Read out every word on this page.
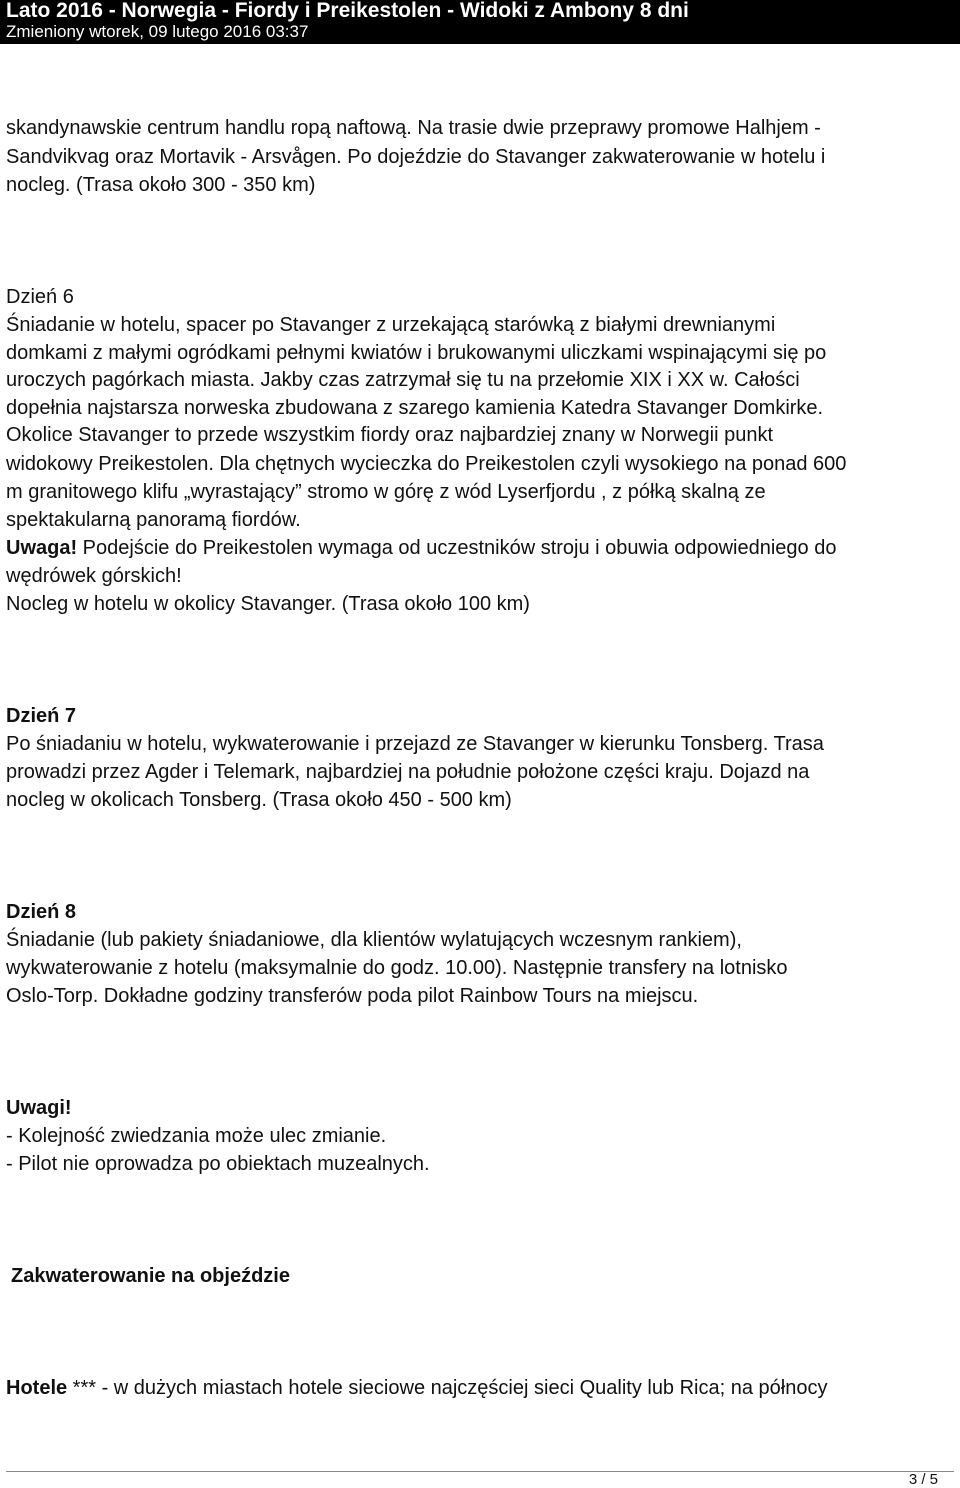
Lato 2016 - Norwegia - Fiordy i Preikestolen - Widoki z Ambony 8 dni
Zmieniony wtorek, 09 lutego 2016 03:37
skandynawskie centrum handlu ropą naftową. Na trasie dwie przeprawy promowe Halhjem -
Sandvikvag oraz Mortavik - Arsvågen. Po dojeździe do Stavanger zakwaterowanie w hotelu i
nocleg. (Trasa około 300 - 350 km)
Dzień 6
Śniadanie w hotelu, spacer po Stavanger z urzekającą starówką z białymi drewnianymi
domkami z małymi ogródkami pełnymi kwiatów i brukowanymi uliczkami wspinającymi się po
uroczych pagórkach miasta. Jakby czas zatrzymał się tu na przełomie XIX i XX w. Całości
dopełnia najstarsza norweska zbudowana z szarego kamienia Katedra Stavanger Domkirke.
Okolice Stavanger to przede wszystkim fiordy oraz najbardziej znany w Norwegii punkt
widokowy Preikestolen. Dla chętnych wycieczka do Preikestolen czyli wysokiego na ponad 600
m granitowego klifu „wyrastający” stromo w górę z wód Lyserfjordu , z półką skalną ze
spektakularną panoramą fiordów.
Uwaga! Podejście do Preikestolen wymaga od uczestników stroju i obuwia odpowiedniego do
wędrówek górskich!
Nocleg w hotelu w okolicy Stavanger. (Trasa około 100 km)
Dzień 7
Po śniadaniu w hotelu, wykwaterowanie i przejazd ze Stavanger w kierunku Tonsberg. Trasa
prowadzi przez Agder i Telemark, najbardziej na południe położone części kraju. Dojazd na
nocleg w okolicach Tonsberg. (Trasa około 450 - 500 km)
Dzień 8
Śniadanie (lub pakiety śniadaniowe, dla klientów wylatujących wczesnym rankiem),
wykwaterowanie z hotelu (maksymalnie do godz. 10.00). Następnie transfery na lotnisko
Oslo-Torp. Dokładne godziny transferów poda pilot Rainbow Tours na miejscu.
Uwagi!
- Kolejność zwiedzania może ulec zmianie.
- Pilot nie oprowadza po obiektach muzealnych.
Zakwaterowanie na objeździe
Hotele *** - w dużych miastach hotele sieciowe najczęściej sieci Quality lub Rica; na północy
3 / 5
